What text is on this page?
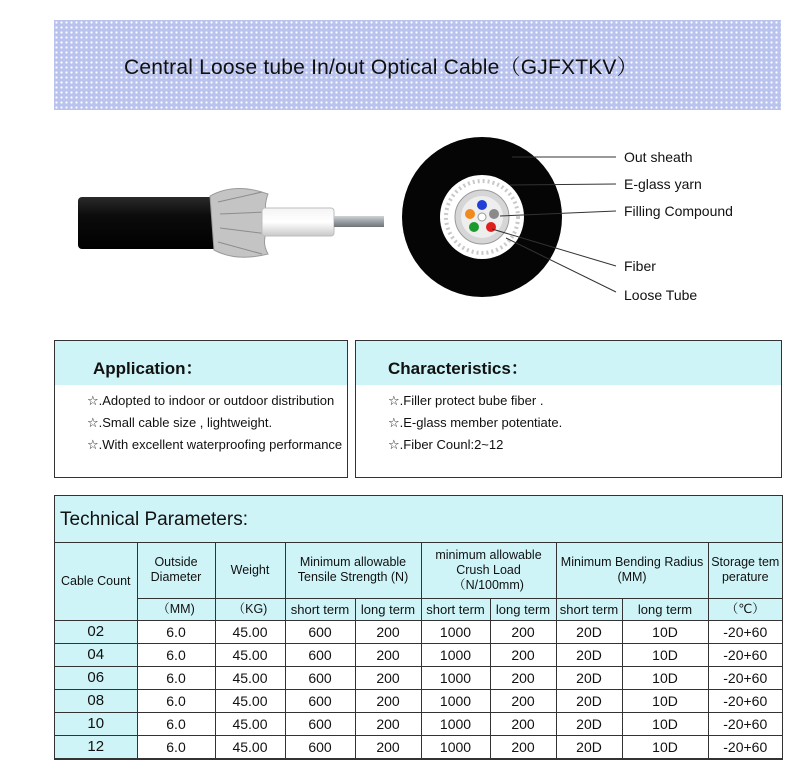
Central Loose tube In/out Optical Cable（GJFXTKV）
Out sheath
E-glass yarn
Filling Compound
Fiber
Loose Tube
Application：
☆.Adopted to indoor or outdoor distribution
☆.Small cable size , lightweight.
☆.With excellent waterproofing performance
Characteristics：
☆.Filler protect bube fiber .
☆.E-glass member potentiate.
☆.Fiber Counl:2~12
Technical Parameters:
Cable Count	Outside Diameter	Weight	Minimum allowable Tensile Strength (N)		minimum allowable Crush Load （N/100mm)		Minimum Bending Radius (MM)		Storage temperature
	（MM)	（KG)	short term	long term	short term	long term	short term	long term	（℃）
02	6.0	45.00	600	200	1000	200	20D	10D	-20+60
04	6.0	45.00	600	200	1000	200	20D	10D	-20+60
06	6.0	45.00	600	200	1000	200	20D	10D	-20+60
08	6.0	45.00	600	200	1000	200	20D	10D	-20+60
10	6.0	45.00	600	200	1000	200	20D	10D	-20+60
12	6.0	45.00	600	200	1000	200	20D	10D	-20+60
